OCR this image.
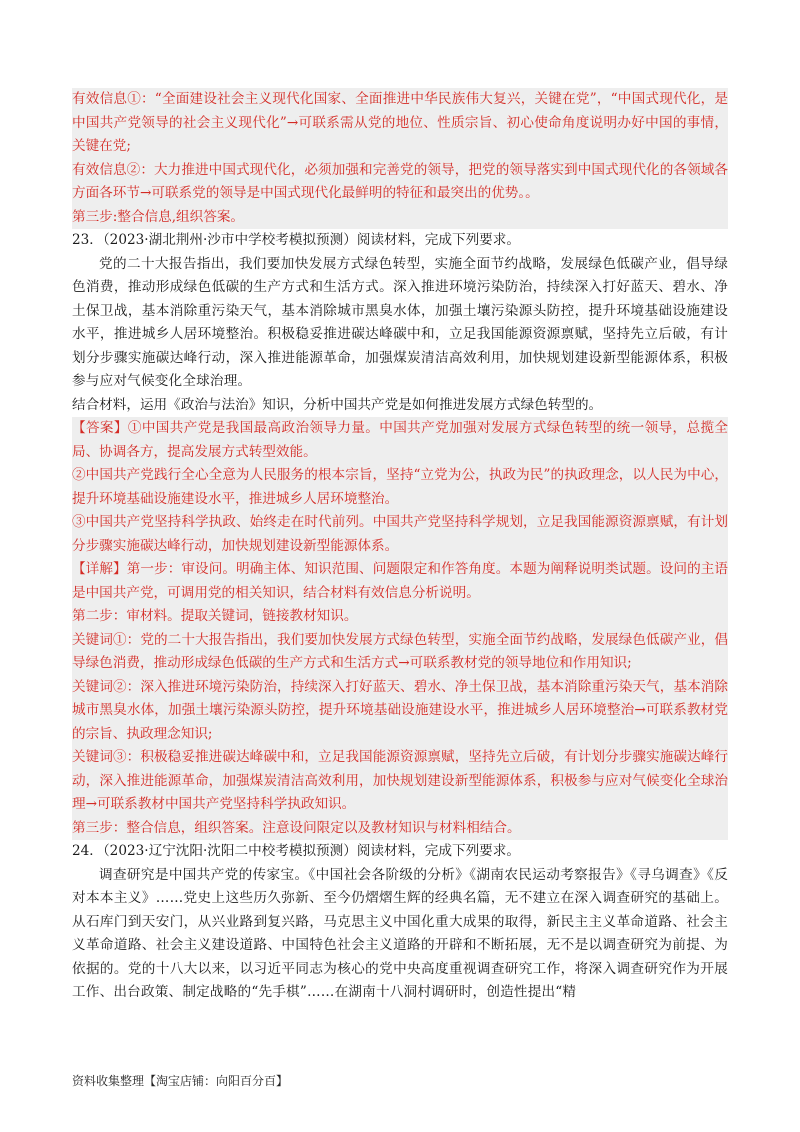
有效信息①：“全面建设社会主义现代化国家、全面推进中华民族伟大复兴，关键在党”，“中国式现代化，是中国共产党领导的社会主义现代化”→可联系需从党的地位、性质宗旨、初心使命角度说明办好中国的事情，关键在党;

有效信息②：大力推进中国式现代化，必须加强和完善党的领导，把党的领导落实到中国式现代化的各领域各方面各环节→可联系党的领导是中国式现代化最鲜明的特征和最突出的优势。。

第三步:整合信息,组织答案。

23．（2023·湖北荆州·沙市中学校考模拟预测）阅读材料，完成下列要求。

党的二十大报告指出，我们要加快发展方式绿色转型，实施全面节约战略，发展绿色低碳产业，倡导绿色消费，推动形成绿色低碳的生产方式和生活方式。深入推进环境污染防治，持续深入打好蓝天、碧水、净土保卫战，基本消除重污染天气，基本消除城市黑臭水体，加强土壤污染源头防控，提升环境基础设施建设水平，推进城乡人居环境整治。积极稳妥推进碳达峰碳中和，立足我国能源资源禀赋，坚持先立后破，有计划分步骤实施碳达峰行动，深入推进能源革命，加强煤炭清洁高效利用，加快规划建设新型能源体系，积极参与应对气候变化全球治理。

结合材料，运用《政治与法治》知识，分析中国共产党是如何推进发展方式绿色转型的。

【答案】①中国共产党是我国最高政治领导力量。中国共产党加强对发展方式绿色转型的统一领导，总揽全局、协调各方，提高发展方式转型效能。

②中国共产党践行全心全意为人民服务的根本宗旨，坚持“立党为公，执政为民”的执政理念，以人民为中心，提升环境基础设施建设水平，推进城乡人居环境整治。

③中国共产党坚持科学执政、始终走在时代前列。中国共产党坚持科学规划，立足我国能源资源禀赋，有计划分步骤实施碳达峰行动，加快规划建设新型能源体系。

【详解】第一步：审设问。明确主体、知识范围、问题限定和作答角度。本题为阐释说明类试题。设问的主语是中国共产党，可调用党的相关知识，结合材料有效信息分析说明。

第二步：审材料。提取关键词，链接教材知识。

关键词①：党的二十大报告指出，我们要加快发展方式绿色转型，实施全面节约战略，发展绿色低碳产业，倡导绿色消费，推动形成绿色低碳的生产方式和生活方式→可联系教材党的领导地位和作用知识;

关键词②：深入推进环境污染防治，持续深入打好蓝天、碧水、净土保卫战，基本消除重污染天气，基本消除城市黑臭水体，加强土壤污染源头防控，提升环境基础设施建设水平，推进城乡人居环境整治→可联系教材党的宗旨、执政理念知识;

关键词③：积极稳妥推进碳达峰碳中和，立足我国能源资源禀赋，坚持先立后破，有计划分步骤实施碳达峰行动，深入推进能源革命，加强煤炭清洁高效利用，加快规划建设新型能源体系，积极参与应对气候变化全球治理→可联系教材中国共产党坚持科学执政知识。

第三步：整合信息，组织答案。注意设问限定以及教材知识与材料相结合。

24．（2023·辽宁沈阳·沈阳二中校考模拟预测）阅读材料，完成下列要求。

调查研究是中国共产党的传家宝。《中国社会各阶级的分析》《湖南农民运动考察报告》《寻乌调查》《反对本本主义》……党史上这些历久弥新、至今仍熠熠生辉的经典名篇，无不建立在深入调查研究的基础上。从石库门到天安门，从兴业路到复兴路，马克思主义中国化重大成果的取得，新民主主义革命道路、社会主义革命道路、社会主义建设道路、中国特色社会主义道路的开辟和不断拓展，无不是以调查研究为前提、为依据的。党的十八大以来，以习近平同志为核心的党中央高度重视调查研究工作，将深入调查研究作为开展工作、出台政策、制定战略的“先手棋”……在湖南十八洞村调研时，创造性提出“精

资料收集整理【淘宝店铺：向阳百分百】
